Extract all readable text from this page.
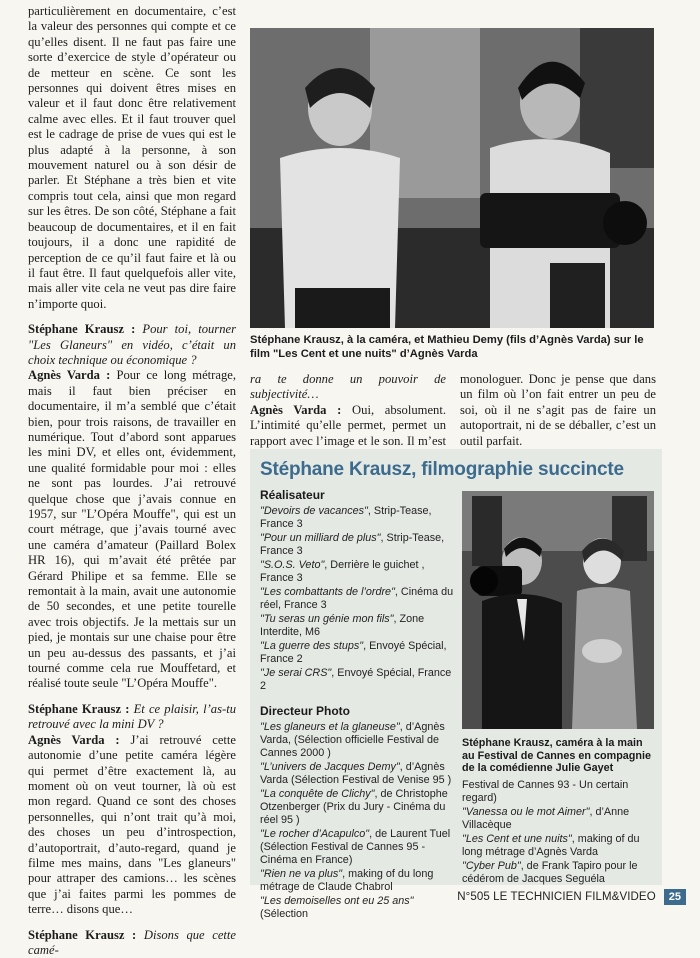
particulièrement en documentaire, c’est la valeur des personnes qui compte et ce qu’elles disent. Il ne faut pas faire une sorte d’exercice de style d’opérateur ou de metteur en scène. Ce sont les personnes qui doivent êtres mises en valeur et il faut donc être relativement calme avec elles. Et il faut trouver quel est le cadrage de prise de vues qui est le plus adapté à la personne, à son mouvement naturel ou à son désir de parler. Et Stéphane a très bien et vite compris tout cela, ainsi que mon regard sur les êtres. De son côté, Stéphane a fait beaucoup de documentaires, et il en fait toujours, il a donc une rapidité de perception de ce qu’il faut faire et là ou il faut être. Il faut quelquefois aller vite, mais aller vite cela ne veut pas dire faire n’importe quoi.

Stéphane Krausz : Pour toi, tourner "Les Glaneurs" en vidéo, c’était un choix technique ou économique ?

Agnès Varda : Pour ce long métrage, mais il faut bien préciser en documentaire, il m’a semblé que c’était bien, pour trois raisons, de travailler en numérique. Tout d’abord sont apparues les mini DV, et elles ont, évidemment, une qualité formidable pour moi : elles ne sont pas lourdes. J’ai retrouvé quelque chose que j’avais connue en 1957, sur "L’Opéra Mouffe", qui est un court métrage, que j’avais tourné avec une caméra d’amateur (Paillard Bolex HR 16), qui m’avait été prêtée par Gérard Philipe et sa femme. Elle se remontait à la main, avait une autonomie de 50 secondes, et une petite tourelle avec trois objectifs. Je la mettais sur un pied, je montais sur une chaise pour être un peu au-dessus des passants, et j’ai tourné comme cela rue Mouffetard, et réalisé toute seule "L’Opéra Mouffe".

Stéphane Krausz : Et ce plaisir, l’as-tu retrouvé avec la mini DV ?

Agnès Varda : J’ai retrouvé cette autonomie d’une petite caméra légère qui permet d’être exactement là, au moment où on veut tourner, là où est mon regard. Quand ce sont des choses personnelles, qui n’ont trait qu’à moi, des choses un peu d’introspection, d’autoportrait, d’auto-regard, quand je filme mes mains, dans "Les glaneurs" pour attraper des camions… les scènes que j’ai faites parmi les pommes de terre… disons que…

Stéphane Krausz : Disons que cette camé-

Stéphane Krausz, à la caméra, et Mathieu Demy (fils d’Agnès Varda) sur le film "Les Cent et une nuits" d’Agnès Varda

ra te donne un pouvoir de subjectivité…

Agnès Varda : Oui, absolument. L’intimité qu’elle permet, permet un rapport avec l’image et le son. Il m’est

monologuer. Donc je pense que dans un film où l’on fait entrer un peu de soi, où il ne s’agit pas de faire un autoportrait, ni de se déballer, c’est un outil parfait.

Stéphane Krausz, filmographie succincte
Réalisateur
"Devoirs de vacances", Strip-Tease, France 3
"Pour un milliard de plus", Strip-Tease, France 3
"S.O.S. Veto", Derrière le guichet , France 3
"Les combattants de l’ordre", Cinéma du réel, France 3
"Tu seras un génie mon fils", Zone Interdite, M6
"La guerre des stups", Envoyé Spécial, France 2
"Je serai CRS", Envoyé Spécial, France 2
Directeur Photo
"Les glaneurs et la glaneuse", d’Agnès Varda, (Sélection officielle Festival de Cannes 2000 )
"L’univers de Jacques Demy", d’Agnès Varda (Sélection Festival de Venise 95 )
"La conquête de Clichy", de Christophe Otzenberger (Prix du Jury - Cinéma du réel 95 )
"Le rocher d’Acapulco", de Laurent Tuel (Sélection Festival de Cannes 95 - Cinéma en France)
"Rien ne va plus", making of du long métrage de Claude Chabrol
"Les demoiselles ont eu 25 ans" (Sélection
Stéphane Krausz, caméra à la main au Festival de Cannes en compagnie de la comédienne Julie Gayet
Festival de Cannes 93 - Un certain regard)
"Vanessa ou le mot Aimer", d’Anne Villacèque
"Les Cent et une nuits", making of du long métrage d’Agnès Varda
"Cyber Pub", de Frank Tapiro pour le cédérom de Jacques Seguéla
N°505 LE TECHNICIEN FILM&VIDEO	25
